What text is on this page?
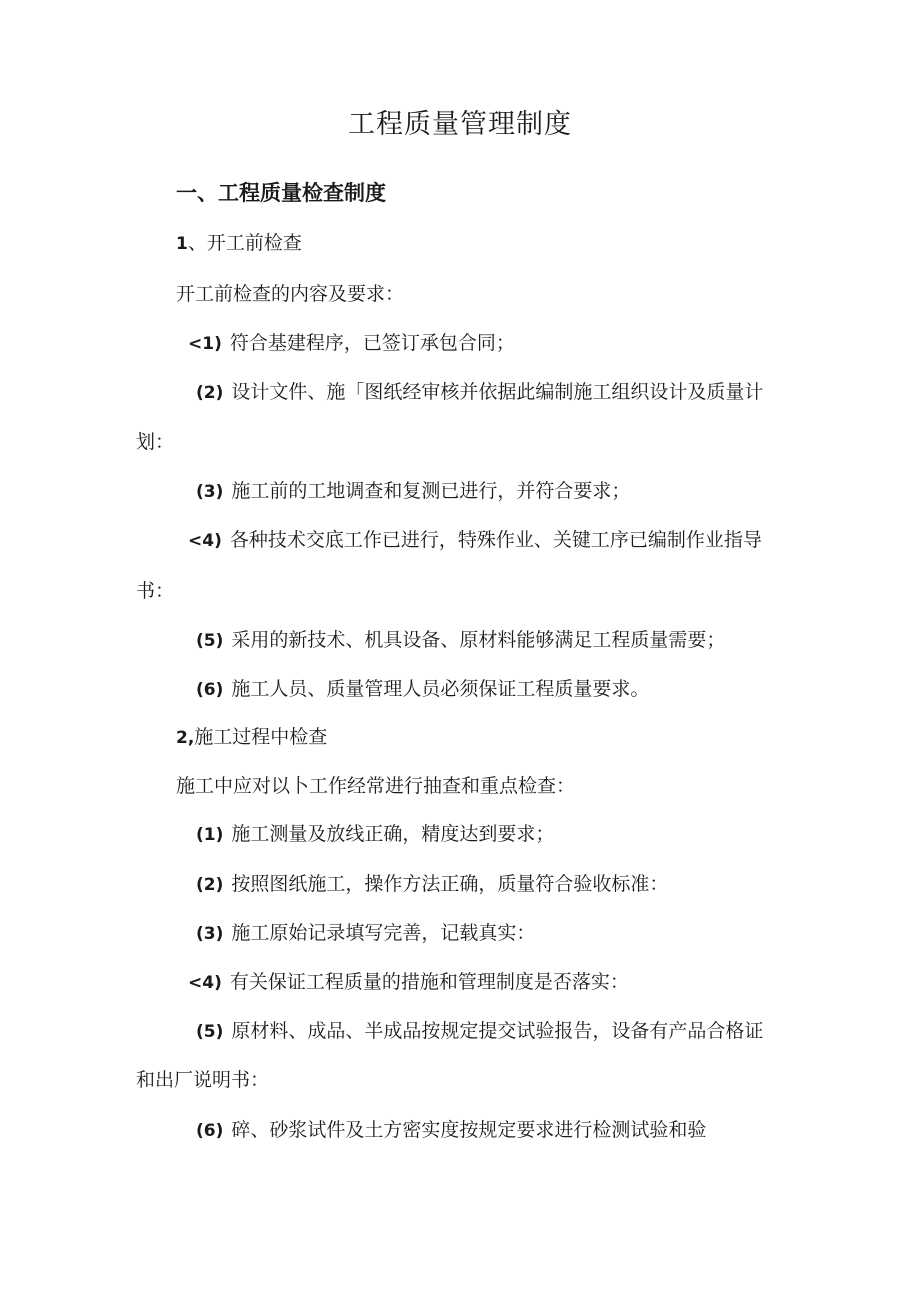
工程质量管理制度
一、工程质量检查制度
1、开工前检查
开工前检查的内容及要求：
<1) 符合基建程序，已签订承包合同；
(2) 设计文件、施「图纸经审核并依据此编制施工组织设计及质量计
划：
(3) 施工前的工地调查和复测已进行，并符合要求；
<4) 各种技术交底工作已进行，特殊作业、关键工序已编制作业指导
书：
(5) 采用的新技术、机具设备、原材料能够满足工程质量需要；
(6) 施工人员、质量管理人员必须保证工程质量要求。
2,施工过程中检查
施工中应对以卜工作经常进行抽查和重点检查：
(1) 施工测量及放线正确，精度达到要求；
(2) 按照图纸施工，操作方法正确，质量符合验收标准：
(3) 施工原始记录填写完善，记载真实：
<4) 有关保证工程质量的措施和管理制度是否落实：
(5) 原材料、成品、半成品按规定提交试验报告，设备有产品合格证
和出厂说明书：
(6) 碎、砂浆试件及土方密实度按规定要求进行检测试验和验
